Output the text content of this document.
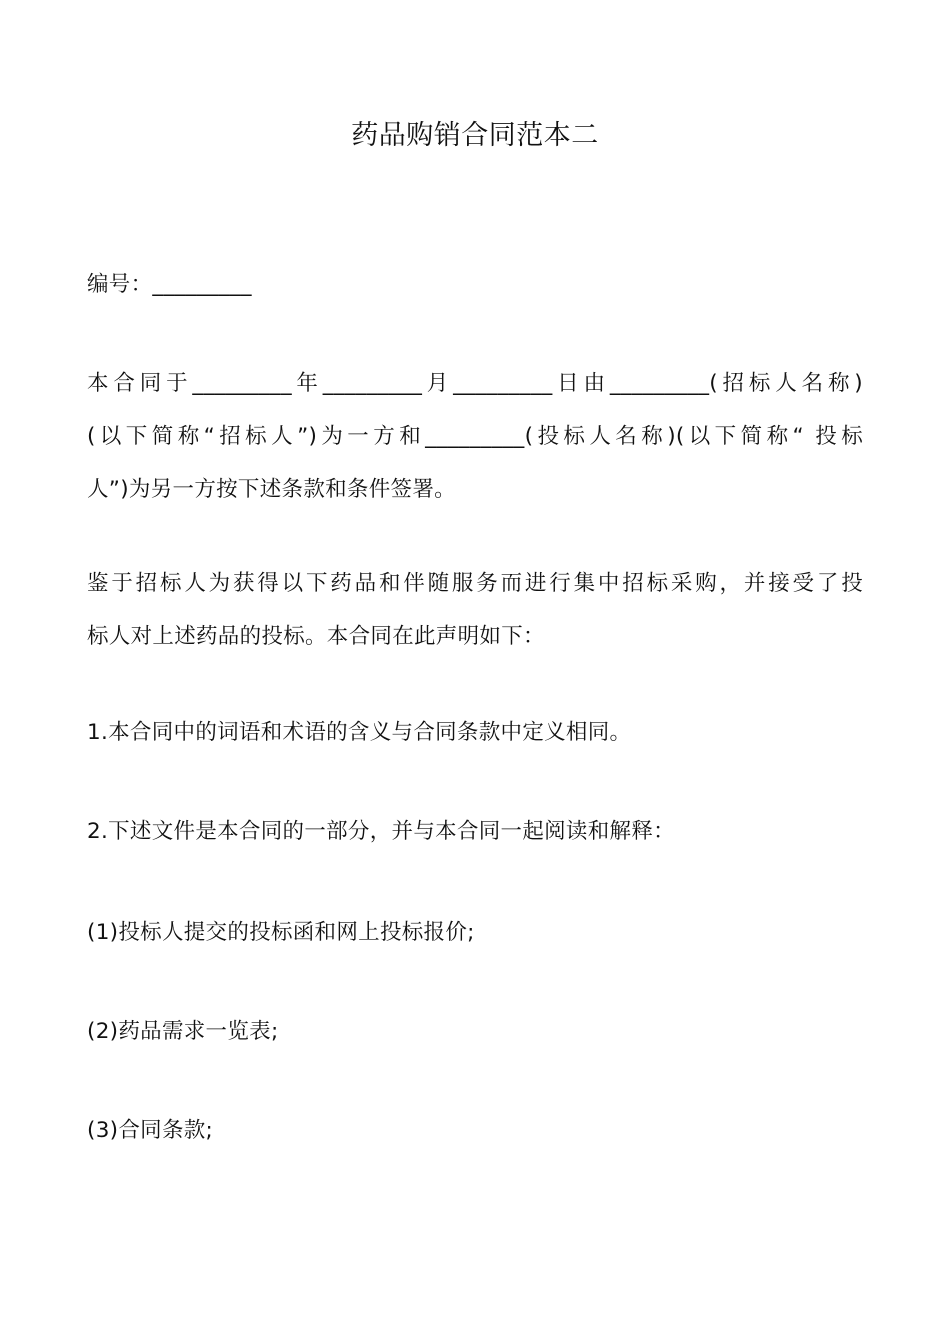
药品购销合同范本二
编号：_________
本合同于_________年_________月_________日由_________(招标人名称)
(以下简称“招标人”)为一方和_________(投标人名称)(以下简称“ 投标
人”)为另一方按下述条款和条件签署。
鉴于招标人为获得以下药品和伴随服务而进行集中招标采购，并接受了投
标人对上述药品的投标。本合同在此声明如下：
1.本合同中的词语和术语的含义与合同条款中定义相同。
2.下述文件是本合同的一部分，并与本合同一起阅读和解释：
(1)投标人提交的投标函和网上投标报价;
(2)药品需求一览表;
(3)合同条款;
